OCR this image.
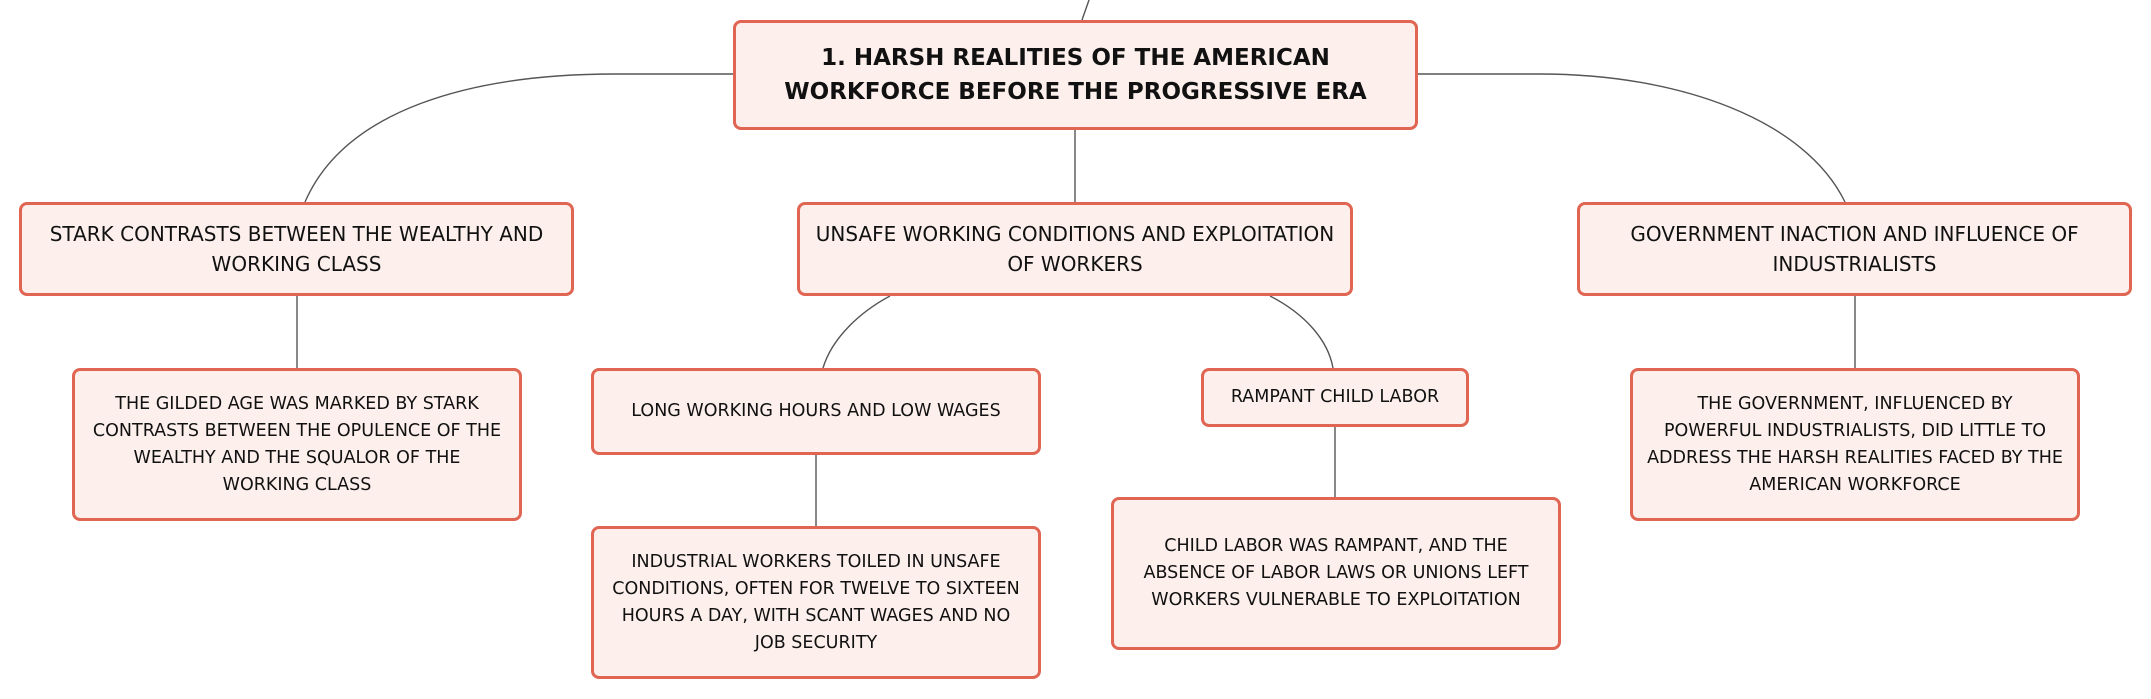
1. HARSH REALITIES OF THE AMERICAN WORKFORCE BEFORE THE PROGRESSIVE ERA
STARK CONTRASTS BETWEEN THE WEALTHY AND WORKING CLASS
UNSAFE WORKING CONDITIONS AND EXPLOITATION OF WORKERS
GOVERNMENT INACTION AND INFLUENCE OF INDUSTRIALISTS
THE GILDED AGE WAS MARKED BY STARK CONTRASTS BETWEEN THE OPULENCE OF THE WEALTHY AND THE SQUALOR OF THE WORKING CLASS
LONG WORKING HOURS AND LOW WAGES
RAMPANT CHILD LABOR
INDUSTRIAL WORKERS TOILED IN UNSAFE CONDITIONS, OFTEN FOR TWELVE TO SIXTEEN HOURS A DAY, WITH SCANT WAGES AND NO JOB SECURITY
CHILD LABOR WAS RAMPANT, AND THE ABSENCE OF LABOR LAWS OR UNIONS LEFT WORKERS VULNERABLE TO EXPLOITATION
THE GOVERNMENT, INFLUENCED BY POWERFUL INDUSTRIALISTS, DID LITTLE TO ADDRESS THE HARSH REALITIES FACED BY THE AMERICAN WORKFORCE
